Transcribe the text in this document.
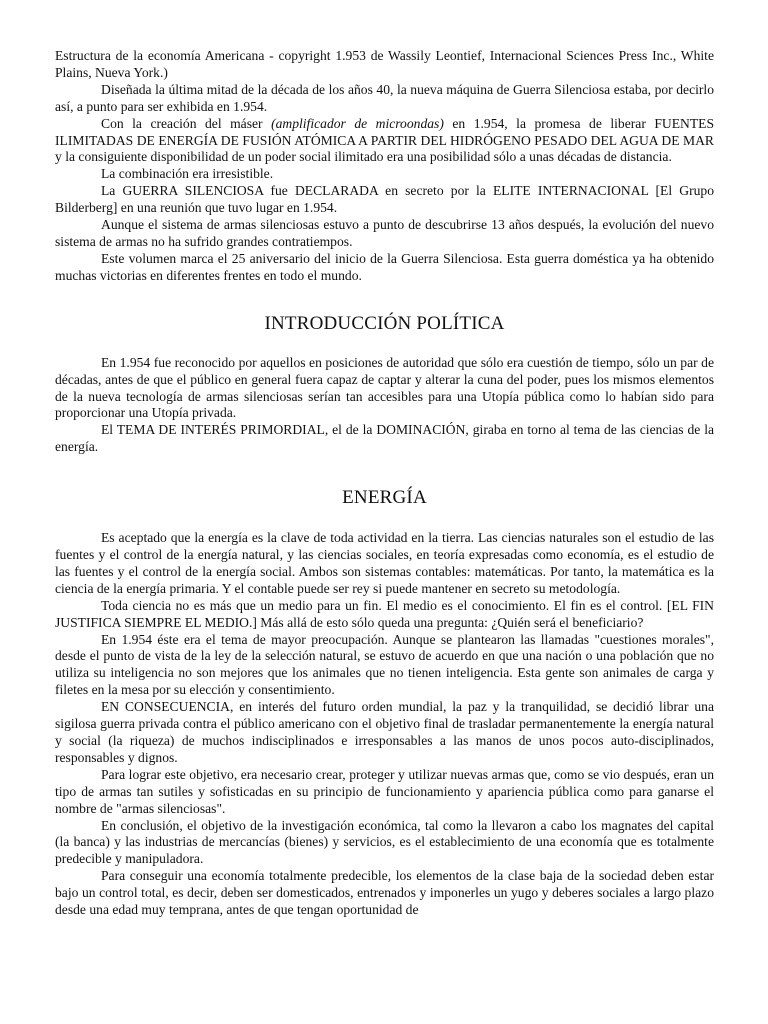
Estructura de la economía Americana - copyright 1.953 de Wassily Leontief, Internacional Sciences Press Inc., White Plains, Nueva York.)

Diseñada la última mitad de la década de los años 40, la nueva máquina de Guerra Silenciosa estaba, por decirlo así, a punto para ser exhibida en 1.954.

Con la creación del máser (amplificador de microondas) en 1.954, la promesa de liberar FUENTES ILIMITADAS DE ENERGÍA DE FUSIÓN ATÓMICA A PARTIR DEL HIDRÓGENO PESADO DEL AGUA DE MAR y la consiguiente disponibilidad de un poder social ilimitado era una posibilidad sólo a unas décadas de distancia.

La combinación era irresistible.

La GUERRA SILENCIOSA fue DECLARADA en secreto por la ELITE INTERNACIONAL [El Grupo Bilderberg] en una reunión que tuvo lugar en 1.954.

Aunque el sistema de armas silenciosas estuvo a punto de descubrirse 13 años después, la evolución del nuevo sistema de armas no ha sufrido grandes contratiempos.

Este volumen marca el 25 aniversario del inicio de la Guerra Silenciosa. Esta guerra doméstica ya ha obtenido muchas victorias en diferentes frentes en todo el mundo.

INTRODUCCIÓN POLÍTICA

En 1.954 fue reconocido por aquellos en posiciones de autoridad que sólo era cuestión de tiempo, sólo un par de décadas, antes de que el público en general fuera capaz de captar y alterar la cuna del poder, pues los mismos elementos de la nueva tecnología de armas silenciosas serían tan accesibles para una Utopía pública como lo habían sido para proporcionar una Utopía privada.

El TEMA DE INTERÉS PRIMORDIAL, el de la DOMINACIÓN, giraba en torno al tema de las ciencias de la energía.

ENERGÍA

Es aceptado que la energía es la clave de toda actividad en la tierra. Las ciencias naturales son el estudio de las fuentes y el control de la energía natural, y las ciencias sociales, en teoría expresadas como economía, es el estudio de las fuentes y el control de la energía social. Ambos son sistemas contables: matemáticas. Por tanto, la matemática es la ciencia de la energía primaria. Y el contable puede ser rey si puede mantener en secreto su metodología.

Toda ciencia no es más que un medio para un fin. El medio es el conocimiento. El fin es el control. [EL FIN JUSTIFICA SIEMPRE EL MEDIO.] Más allá de esto sólo queda una pregunta: ¿Quién será el beneficiario?

En 1.954 éste era el tema de mayor preocupación. Aunque se plantearon las llamadas "cuestiones morales", desde el punto de vista de la ley de la selección natural, se estuvo de acuerdo en que una nación o una población que no utiliza su inteligencia no son mejores que los animales que no tienen inteligencia. Esta gente son animales de carga y filetes en la mesa por su elección y consentimiento.

EN CONSECUENCIA, en interés del futuro orden mundial, la paz y la tranquilidad, se decidió librar una sigilosa guerra privada contra el público americano con el objetivo final de trasladar permanentemente la energía natural y social (la riqueza) de muchos indisciplinados e irresponsables a las manos de unos pocos auto-disciplinados, responsables y dignos.

Para lograr este objetivo, era necesario crear, proteger y utilizar nuevas armas que, como se vio después, eran un tipo de armas tan sutiles y sofisticadas en su principio de funcionamiento y apariencia pública como para ganarse el nombre de "armas silenciosas".

En conclusión, el objetivo de la investigación económica, tal como la llevaron a cabo los magnates del capital (la banca) y las industrias de mercancías (bienes) y servicios, es el establecimiento de una economía que es totalmente predecible y manipuladora.

Para conseguir una economía totalmente predecible, los elementos de la clase baja de la sociedad deben estar bajo un control total, es decir, deben ser domesticados, entrenados y imponerles un yugo y deberes sociales a largo plazo desde una edad muy temprana, antes de que tengan oportunidad de
